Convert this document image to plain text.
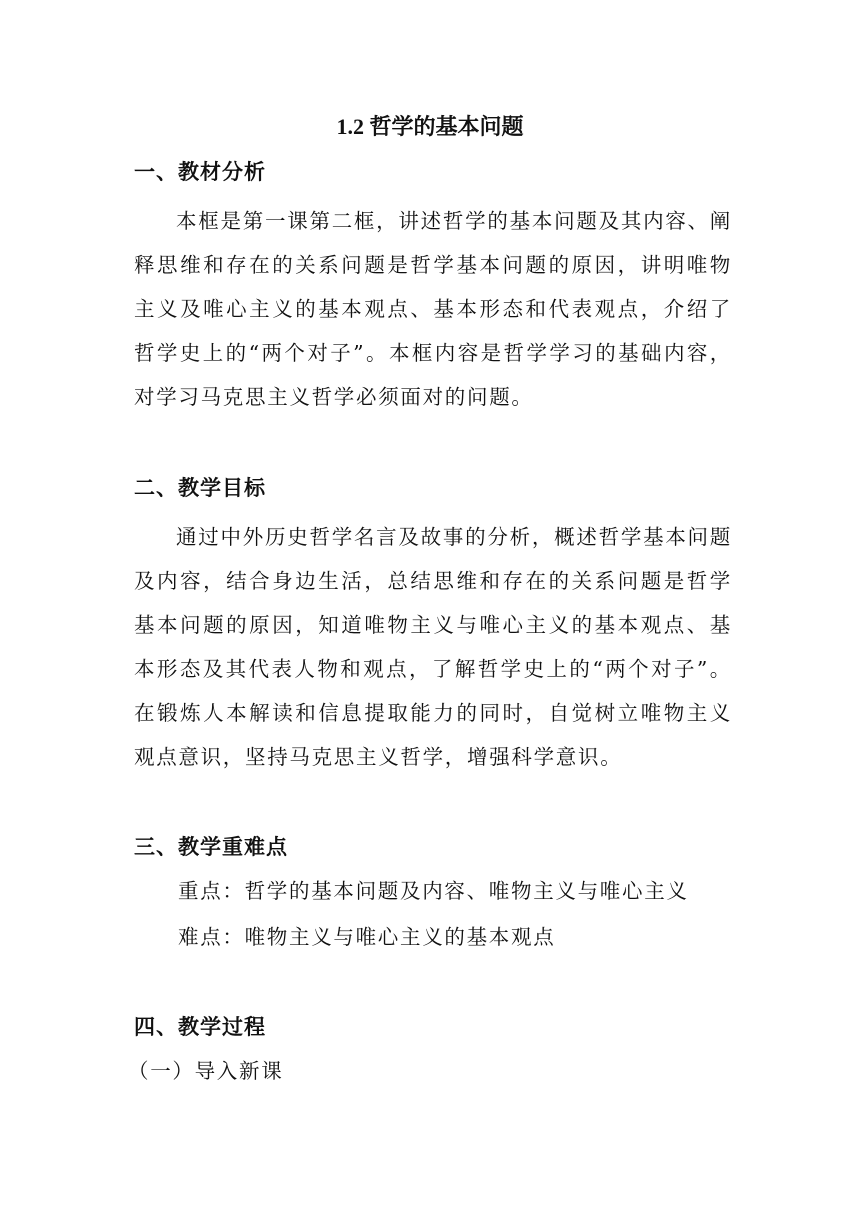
1.2 哲学的基本问题
一、教材分析

本框是第一课第二框，讲述哲学的基本问题及其内容、阐释思维和存在的关系问题是哲学基本问题的原因，讲明唯物主义及唯心主义的基本观点、基本形态和代表观点，介绍了哲学史上的“两个对子”。本框内容是哲学学习的基础内容，对学习马克思主义哲学必须面对的问题。

二、教学目标

通过中外历史哲学名言及故事的分析，概述哲学基本问题及内容，结合身边生活，总结思维和存在的关系问题是哲学基本问题的原因，知道唯物主义与唯心主义的基本观点、基本形态及其代表人物和观点，了解哲学史上的“两个对子”。在锻炼人本解读和信息提取能力的同时，自觉树立唯物主义观点意识，坚持马克思主义哲学，增强科学意识。

三、教学重难点
重点：哲学的基本问题及内容、唯物主义与唯心主义
难点：唯物主义与唯心主义的基本观点
四、教学过程
（一）导入新课
